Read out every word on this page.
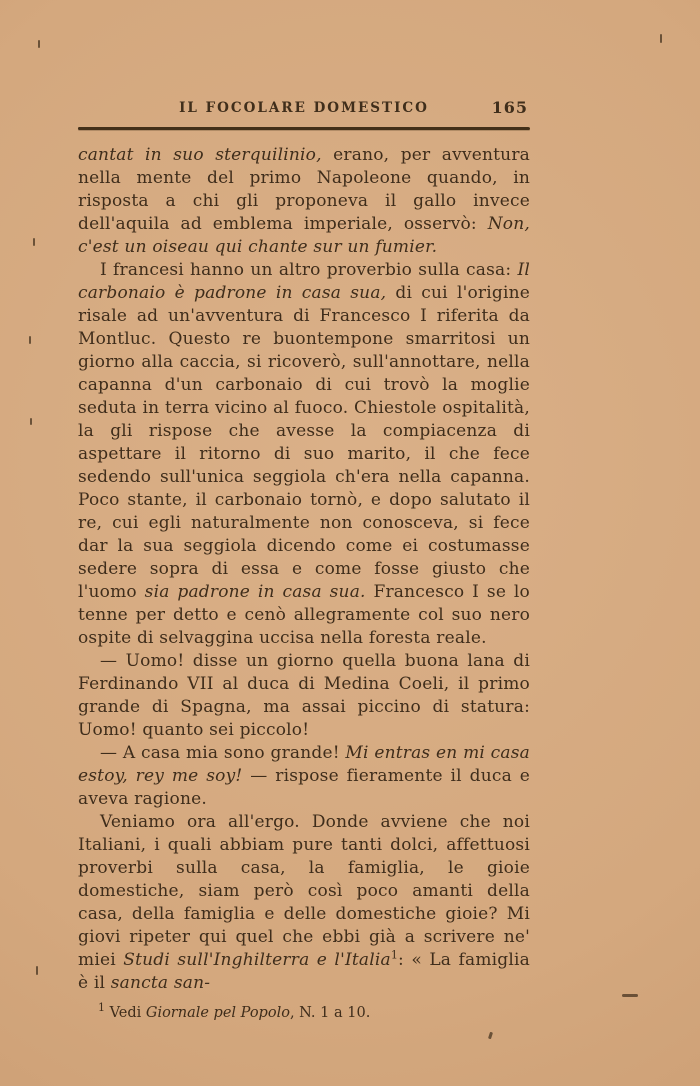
IL FOCOLARE DOMESTICO	165

cantat in suo sterquilinio, erano, per avventura nella mente del primo Napoleone quando, in risposta a chi gli proponeva il gallo invece dell'aquila ad emblema imperiale, osservò: Non, c'est un oiseau qui chante sur un fumier.

I francesi hanno un altro proverbio sulla casa: Il carbonaio è padrone in casa sua, di cui l'origine risale ad un'avventura di Francesco I riferita da Montluc. Questo re buontempone smarritosi un giorno alla caccia, si ricoverò, sull'annottare, nella capanna d'un carbonaio di cui trovò la moglie seduta in terra vicino al fuoco. Chiestole ospitalità, la gli rispose che avesse la compiacenza di aspettare il ritorno di suo marito, il che fece sedendo sull'unica seggiola ch'era nella capanna. Poco stante, il carbonaio tornò, e dopo salutato il re, cui egli naturalmente non conosceva, si fece dar la sua seggiola dicendo come ei costumasse sedere sopra di essa e come fosse giusto che l'uomo sia padrone in casa sua. Francesco I se lo tenne per detto e cenò allegramente col suo nero ospite di selvaggina uccisa nella foresta reale.

— Uomo! disse un giorno quella buona lana di Ferdinando VII al duca di Medina Coeli, il primo grande di Spagna, ma assai piccino di statura: Uomo! quanto sei piccolo!

— A casa mia sono grande! Mi entras en mi casa estoy, rey me soy! — rispose fieramente il duca e aveva ragione.

Veniamo ora all'ergo. Donde avviene che noi Italiani, i quali abbiam pure tanti dolci, affettuosi proverbi sulla casa, la famiglia, le gioie domestiche, siam però così poco amanti della casa, della famiglia e delle domestiche gioie? Mi giovi ripeter qui quel che ebbi già a scrivere ne' miei Studi sull'Inghilterra e l'Italia$^1$: « La famiglia è il sancta san-

$^1$ Vedi Giornale pel Popolo, N. 1 a 10.
